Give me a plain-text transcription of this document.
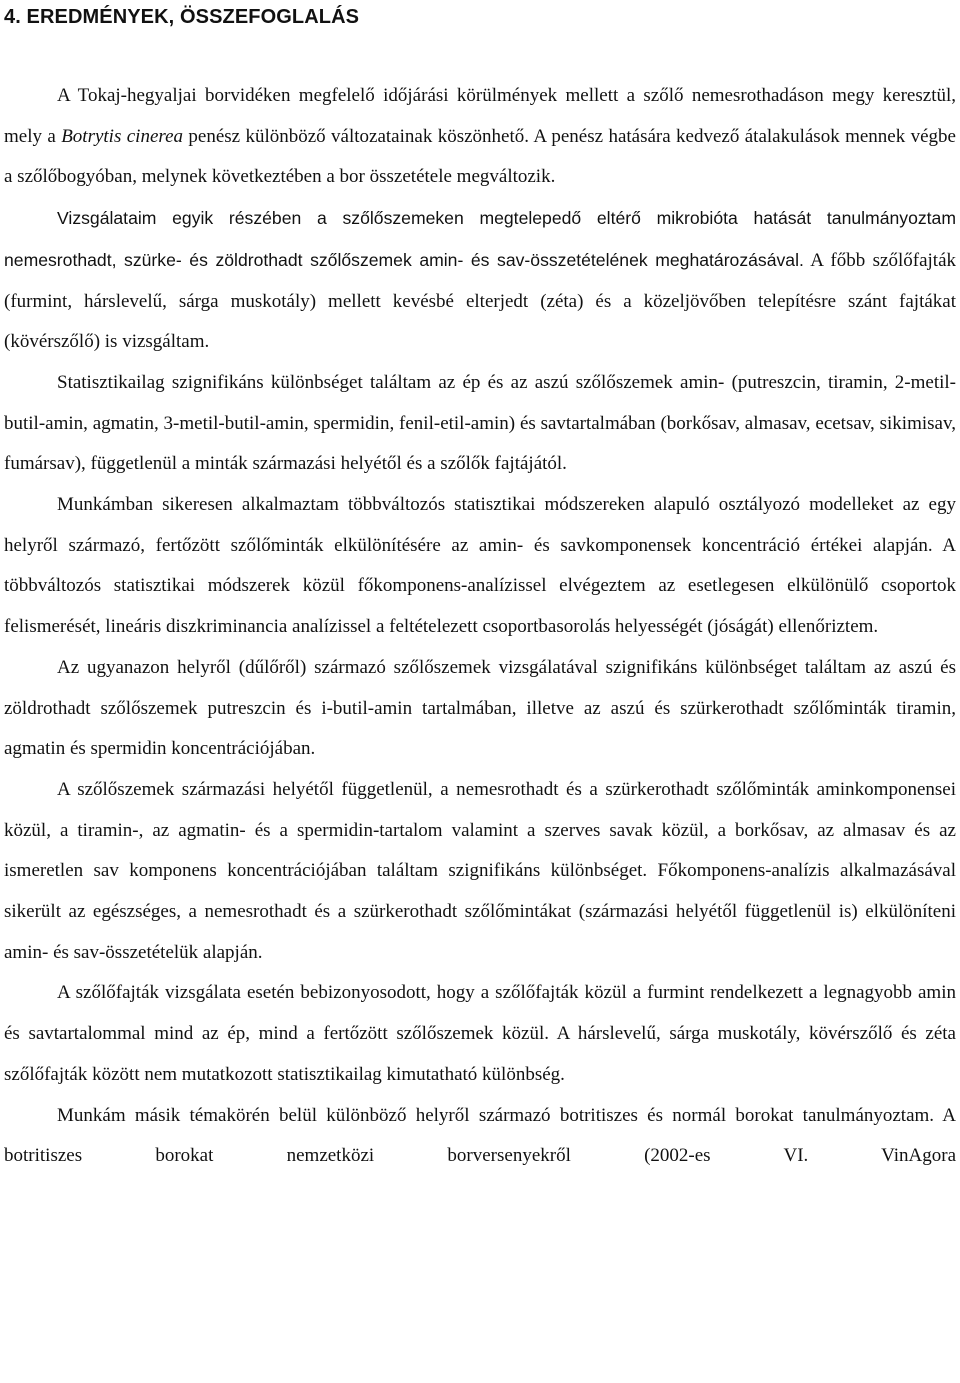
4. EREDMÉNYEK, ÖSSZEFOGLALÁS

A Tokaj-hegyaljai borvidéken megfelelő időjárási körülmények mellett a szőlő nemesrothadáson megy keresztül, mely a Botrytis cinerea penész különböző változatainak köszönhető. A penész hatására kedvező átalakulások mennek végbe a szőlőbogyóban, melynek következtében a bor összetétele megváltozik.

Vizsgálataim egyik részében a szőlőszemeken megtelepedő eltérő mikrobióta hatását tanulmányoztam nemesrothadt, szürke- és zöldrothadt szőlőszemek amin- és sav-összetételének meghatározásával. A főbb szőlőfajták (furmint, hárslevelű, sárga muskotály) mellett kevésbé elterjedt (zéta) és a közeljövőben telepítésre szánt fajtákat (kövérszőlő) is vizsgáltam.

Statisztikailag szignifikáns különbséget találtam az ép és az aszú szőlőszemek amin- (putreszcin, tiramin, 2-metil-butil-amin, agmatin, 3-metil-butil-amin, spermidin, fenil-etil-amin) és savtartalmában (borkősav, almasav, ecetsav, sikimisav, fumársav), függetlenül a minták származási helyétől és a szőlők fajtájától.

Munkámban sikeresen alkalmaztam többváltozós statisztikai módszereken alapuló osztályozó modelleket az egy helyről származó, fertőzött szőlőminták elkülönítésére az amin- és savkomponensek koncentráció értékei alapján. A többváltozós statisztikai módszerek közül főkomponens-analízissel elvégeztem az esetlegesen elkülönülő csoportok felismerését, lineáris diszkriminancia analízissel a feltételezett csoportbasorolás helyességét (jóságát) ellenőriztem.

Az ugyanazon helyről (dűlőről) származó szőlőszemek vizsgálatával szignifikáns különbséget találtam az aszú és zöldrothadt szőlőszemek putreszcin és i-butil-amin tartalmában, illetve az aszú és szürkerothadt szőlőminták tiramin, agmatin és spermidin koncentrációjában.

A szőlőszemek származási helyétől függetlenül, a nemesrothadt és a szürkerothadt szőlőminták aminkomponensei közül, a tiramin-, az agmatin- és a spermidin-tartalom valamint a szerves savak közül, a borkősav, az almasav és az ismeretlen sav komponens koncentrációjában találtam szignifikáns különbséget. Főkomponens-analízis alkalmazásával sikerült az egészséges, a nemesrothadt és a szürkerothadt szőlőmintákat (származási helyétől függetlenül is) elkülöníteni amin- és sav-összetételük alapján.

A szőlőfajták vizsgálata esetén bebizonyosodott, hogy a szőlőfajták közül a furmint rendelkezett a legnagyobb amin és savtartalommal mind az ép, mind a fertőzött szőlőszemek közül. A hárslevelű, sárga muskotály, kövérszőlő és zéta szőlőfajták között nem mutatkozott statisztikailag kimutatható különbség.

Munkám másik témakörén belül különböző helyről származó botritiszes és normál borokat tanulmányoztam. A botritiszes borokat nemzetközi borversenyekről (2002-es VI. VinAgora
